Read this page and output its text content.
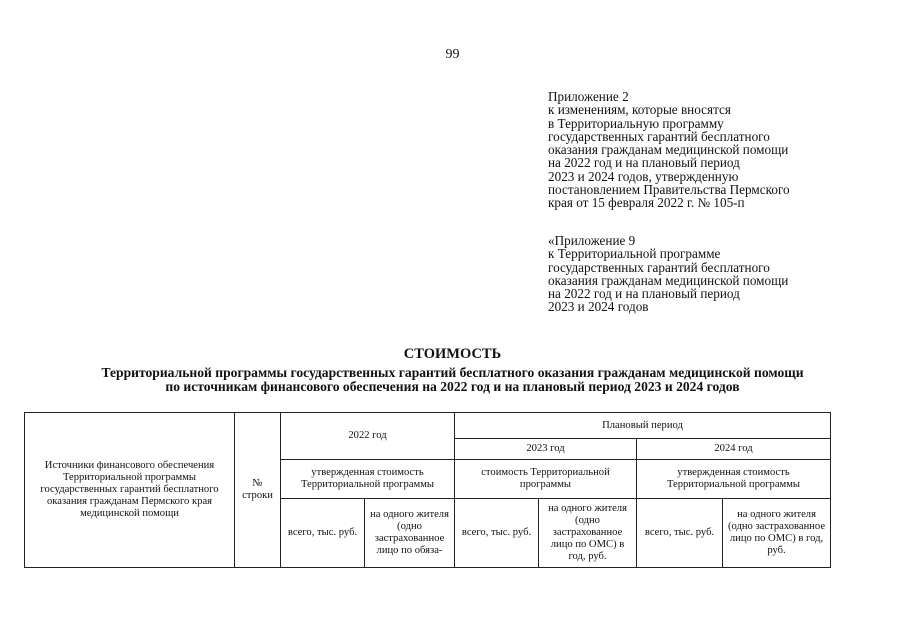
99
Приложение 2
к изменениям, которые вносятся
в Территориальную программу
государственных гарантий бесплатного
оказания гражданам медицинской помощи
на 2022 год и на плановый период
2023 и 2024 годов, утвержденную
постановлением Правительства Пермского
края от 15 февраля 2022 г. № 105-п
«Приложение 9
к Территориальной программе
государственных гарантий бесплатного
оказания гражданам медицинской помощи
на 2022 год и на плановый период
2023 и 2024 годов
СТОИМОСТЬ
Территориальной программы государственных гарантий бесплатного оказания гражданам медицинской помощи
по источникам финансового обеспечения на 2022 год и на плановый период 2023 и 2024 годов
Источники финансового обеспечения Территориальной программы государственных гарантий бесплатного оказания гражданам Пермского края медицинской помощи	№ строки	2022 год		Плановый период			
				2023 год		2024 год	
		утвержденная стоимость Территориальной программы		стоимость Территориальной программы		утвержденная стоимость Территориальной программы	
		всего, тыс. руб.	на одного жителя (одно застрахованное лицо по обяза-	всего, тыс. руб.	на одного жителя (одно застрахованное лицо по ОМС) в год, руб.	всего, тыс. руб.	на одного жителя (одно застрахованное лицо по ОМС) в год, руб.
